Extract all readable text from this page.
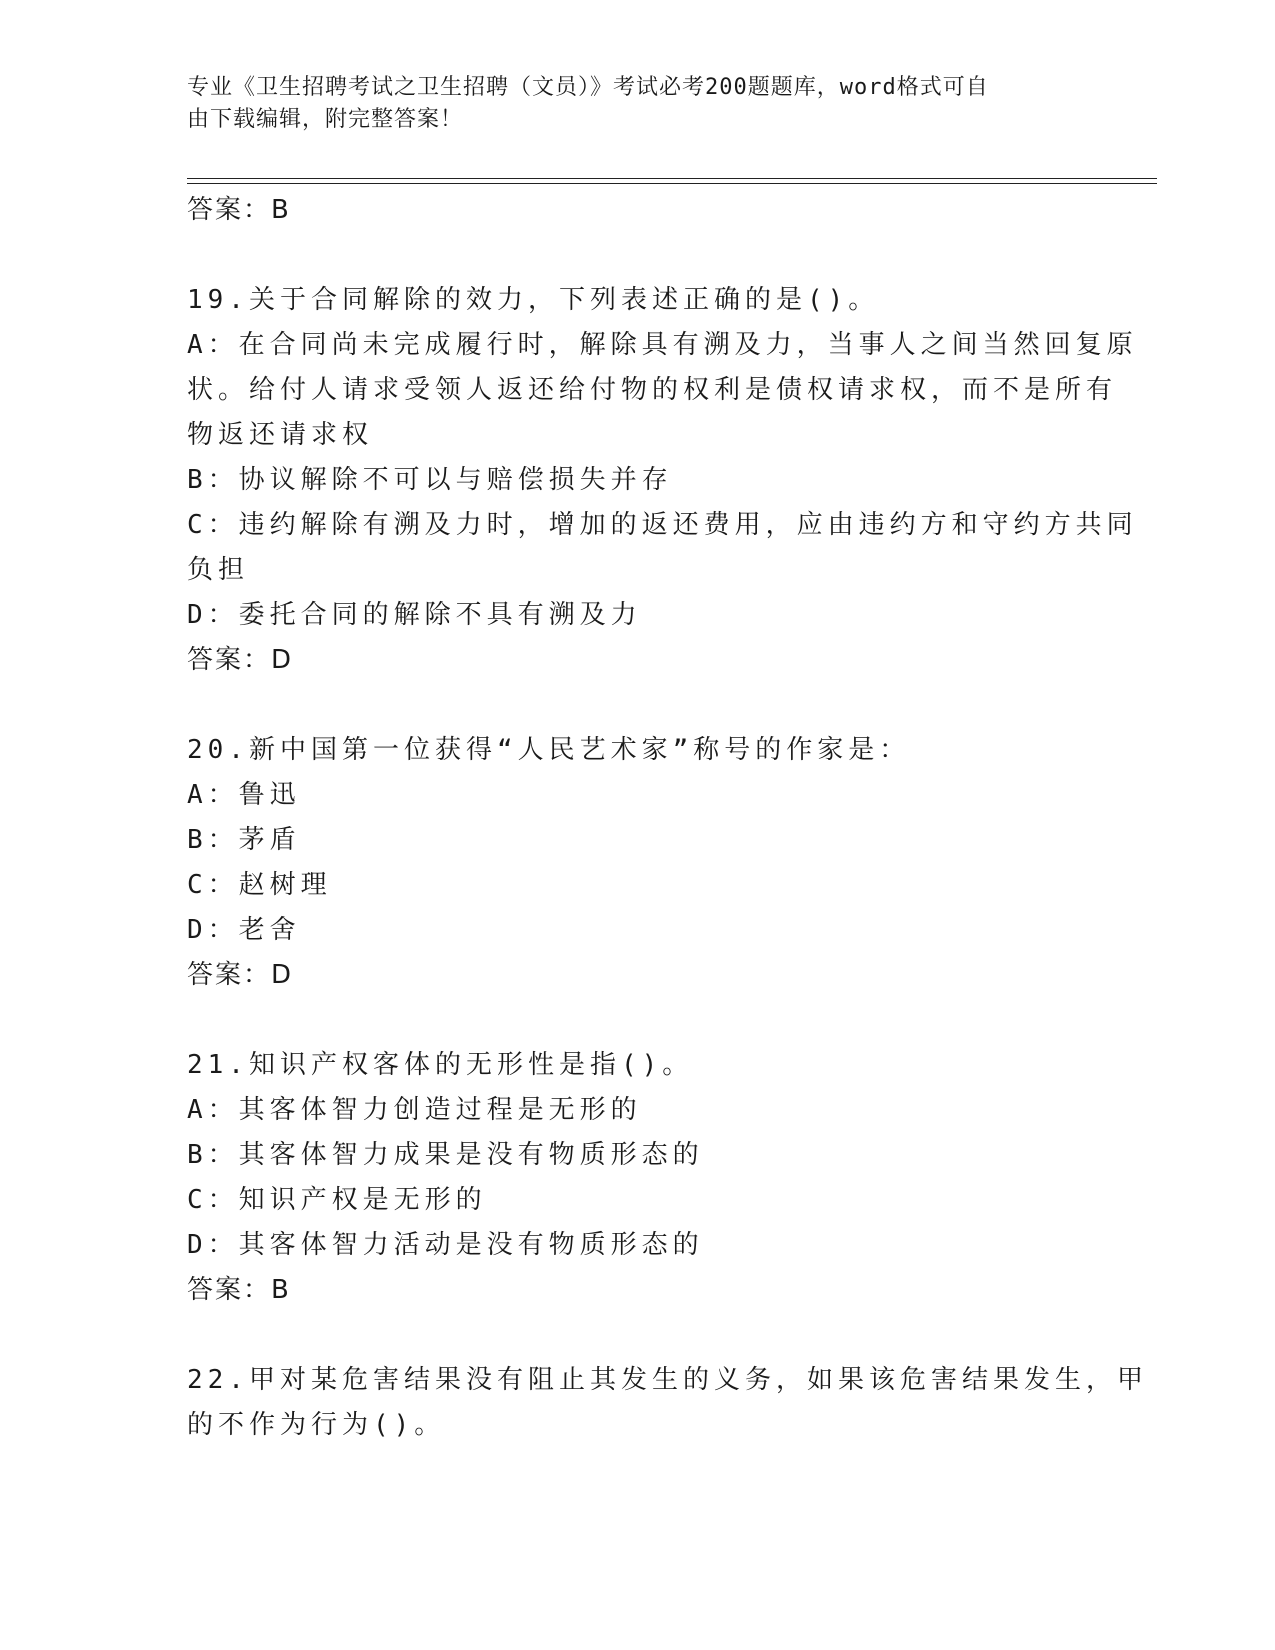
专业《卫生招聘考试之卫生招聘（文员）》考试必考200题题库，word格式可自
由下载编辑，附完整答案！
答案：B
19.关于合同解除的效力，下列表述正确的是()。
A：在合同尚未完成履行时，解除具有溯及力，当事人之间当然回复原
状。给付人请求受领人返还给付物的权利是债权请求权，而不是所有
物返还请求权
B：协议解除不可以与赔偿损失并存
C：违约解除有溯及力时，增加的返还费用，应由违约方和守约方共同
负担
D：委托合同的解除不具有溯及力
答案：D
20.新中国第一位获得“人民艺术家”称号的作家是：
A：鲁迅
B：茅盾
C：赵树理
D：老舍
答案：D
21.知识产权客体的无形性是指()。
A：其客体智力创造过程是无形的
B：其客体智力成果是没有物质形态的
C：知识产权是无形的
D：其客体智力活动是没有物质形态的
答案：B
22.甲对某危害结果没有阻止其发生的义务，如果该危害结果发生，甲
的不作为行为()。
